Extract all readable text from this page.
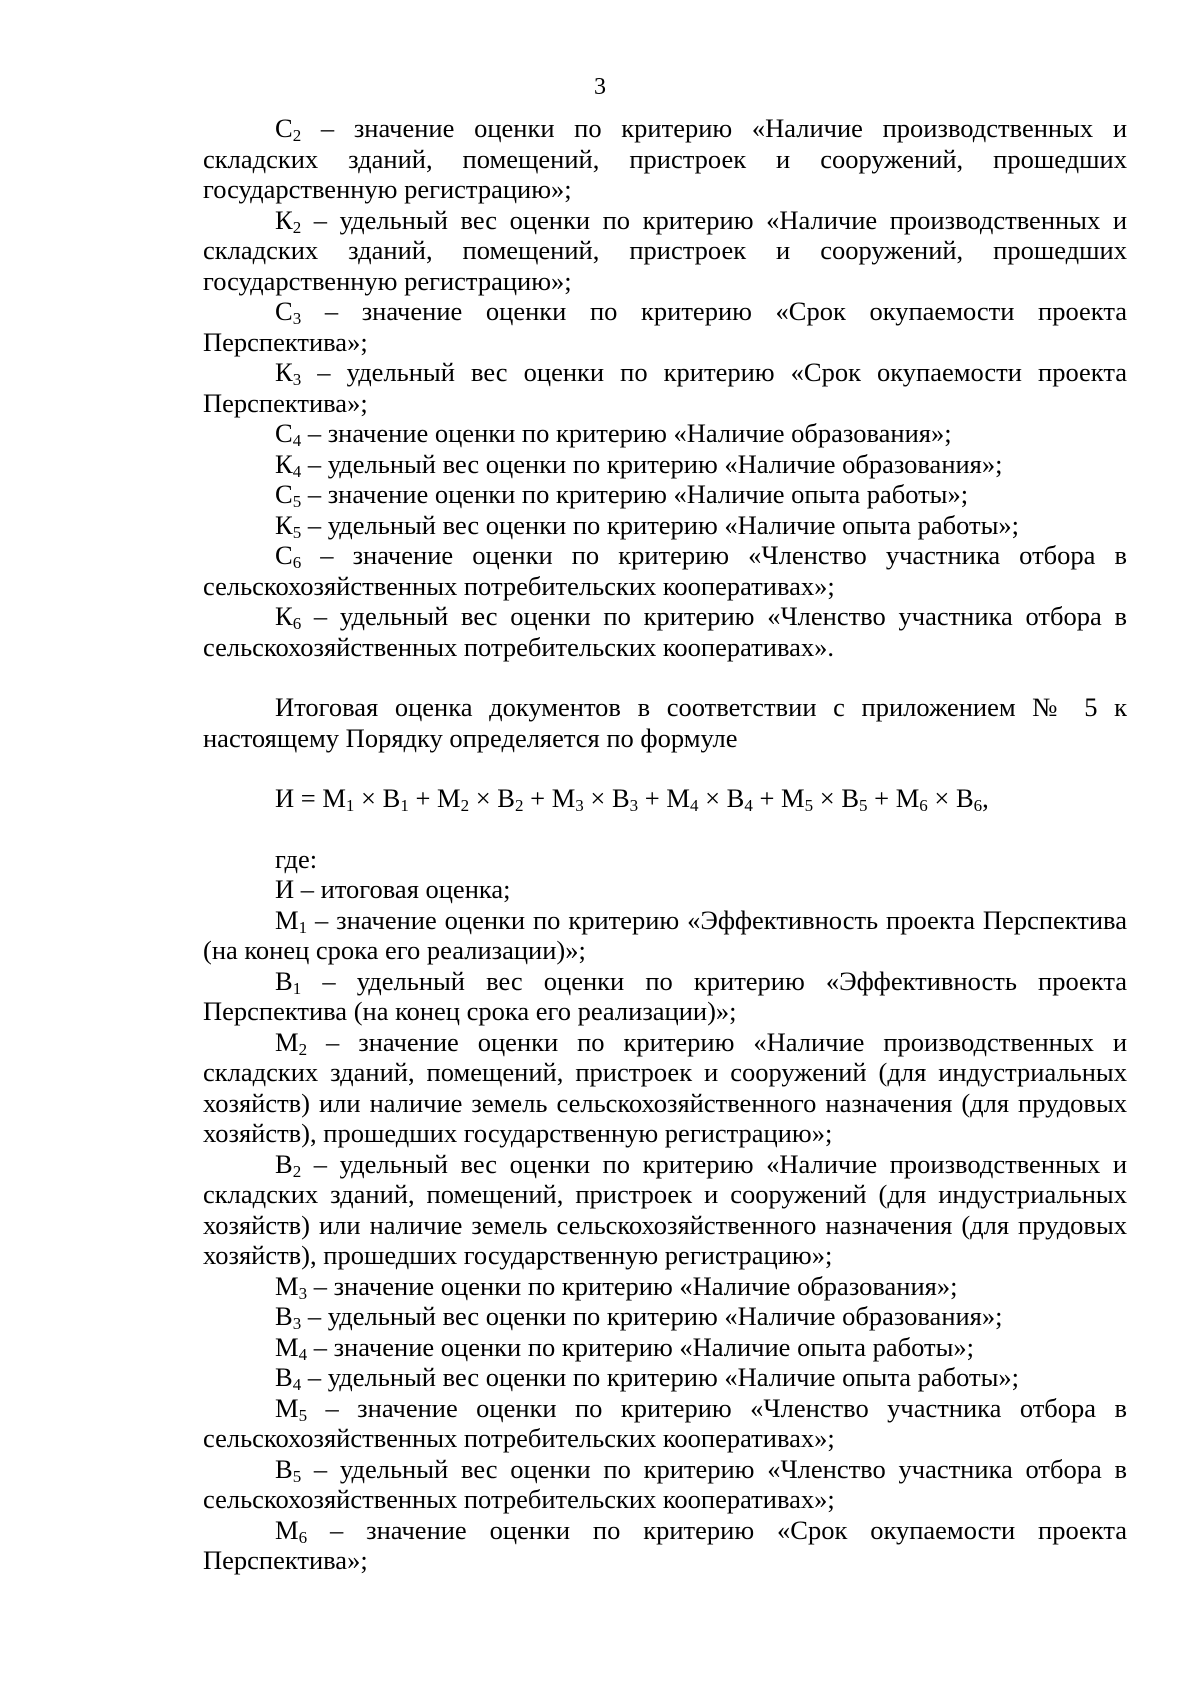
3

$С_2$ – значение оценки по критерию «Наличие производственных и складских зданий, помещений, пристроек и сооружений, прошедших государственную регистрацию»;

$К_2$ – удельный вес оценки по критерию «Наличие производственных и складских зданий, помещений, пристроек и сооружений, прошедших государственную регистрацию»;

$С_3$ – значение оценки по критерию «Срок окупаемости проекта Перспектива»;

$К_3$ – удельный вес оценки по критерию «Срок окупаемости проекта Перспектива»;

$С_4$ – значение оценки по критерию «Наличие образования»;

$К_4$ – удельный вес оценки по критерию «Наличие образования»;

$С_5$ – значение оценки по критерию «Наличие опыта работы»;

$К_5$ – удельный вес оценки по критерию «Наличие опыта работы»;

$С_6$ – значение оценки по критерию «Членство участника отбора в сельскохозяйственных потребительских кооперативах»;

$К_6$ – удельный вес оценки по критерию «Членство участника отбора в сельскохозяйственных потребительских кооперативах».

Итоговая оценка документов в соответствии с приложением № 5 к настоящему Порядку определяется по формуле

$И = М_1 \times В_1 + М_2 \times В_2 + М_3 \times В_3 + М_4 \times В_4 + М_5 \times В_5 + М_6 \times В_6$,

где:

И – итоговая оценка;

$М_1$ – значение оценки по критерию «Эффективность проекта Перспектива (на конец срока его реализации)»;

$В_1$ – удельный вес оценки по критерию «Эффективность проекта Перспектива (на конец срока его реализации)»;

$М_2$ – значение оценки по критерию «Наличие производственных и складских зданий, помещений, пристроек и сооружений (для индустриальных хозяйств) или наличие земель сельскохозяйственного назначения (для прудовых хозяйств), прошедших государственную регистрацию»;

$В_2$ – удельный вес оценки по критерию «Наличие производственных и складских зданий, помещений, пристроек и сооружений (для индустриальных хозяйств) или наличие земель сельскохозяйственного назначения (для прудовых хозяйств), прошедших государственную регистрацию»;

$М_3$ – значение оценки по критерию «Наличие образования»;

$В_3$ – удельный вес оценки по критерию «Наличие образования»;

$М_4$ – значение оценки по критерию «Наличие опыта работы»;

$В_4$ – удельный вес оценки по критерию «Наличие опыта работы»;

$М_5$ – значение оценки по критерию «Членство участника отбора в сельскохозяйственных потребительских кооперативах»;

$В_5$ – удельный вес оценки по критерию «Членство участника отбора в сельскохозяйственных потребительских кооперативах»;

$М_6$ – значение оценки по критерию «Срок окупаемости проекта Перспектива»;
